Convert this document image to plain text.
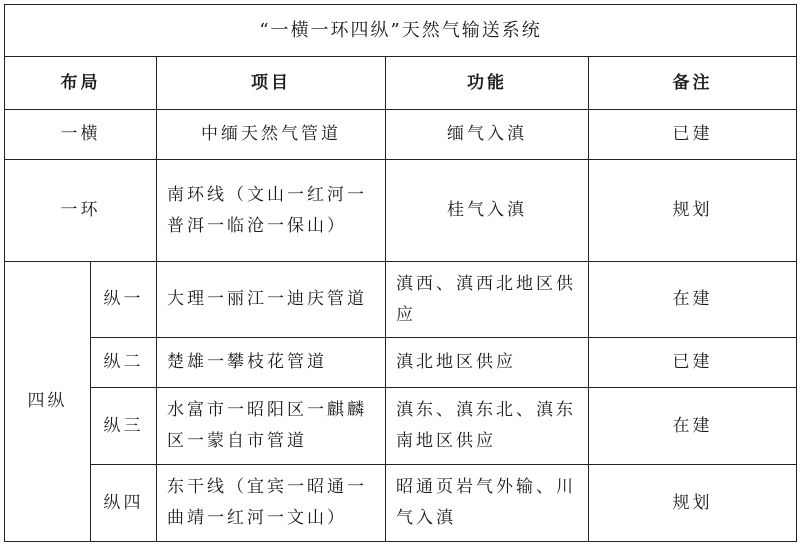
“一横一环四纵”天然气输送系统				
布局		项目	功能	备注
一横		中缅天然气管道	缅气入滇	已建
一环		南环线（文山一红河一普洱一临沧一保山）	桂气入滇	规划
四纵	纵一	大理一丽江一迪庆管道	滇西、滇西北地区供应	在建
	纵二	楚雄一攀枝花管道	滇北地区供应	已建
	纵三	水富市一昭阳区一麒麟区一蒙自市管道	滇东、滇东北、滇东南地区供应	在建
	纵四	东干线（宜宾一昭通一曲靖一红河一文山）	昭通页岩气外输、川气入滇	规划
